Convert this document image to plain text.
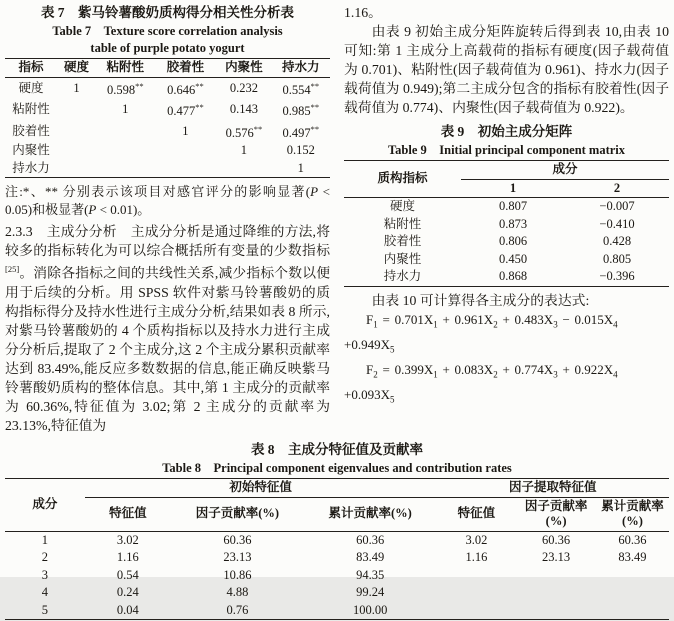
表 7　紫马铃薯酸奶质构得分相关性分析表
Table 7　Texture score correlation analysis
table of purple potato yogurt
指标	硬度	粘附性	胶着性	内聚性	持水力
硬度	1	0.598**	0.646**	0.232	0.554**
粘附性		1	0.477**	0.143	0.985**
胶着性			1	0.576**	0.497**
内聚性				1	0.152
持水力					1
注:*、** 分别表示该项目对感官评分的影响显著(P < 0.05)和极显著(P < 0.01)。
2.3.3　主成分分析　主成分分析是通过降维的方法,将较多的指标转化为可以综合概括所有变量的少数指标[25]。消除各指标之间的共线性关系,减少指标个数以便用于后续的分析。用 SPSS 软件对紫马铃薯酸奶的质构指标得分及持水性进行主成分分析,结果如表 8 所示,对紫马铃薯酸奶的 4 个质构指标以及持水力进行主成分分析后,提取了 2 个主成分,这 2 个主成分累积贡献率达到 83.49%,能反应多数数据的信息,能正确反映紫马铃薯酸奶质构的整体信息。其中,第 1 主成分的贡献率为 60.36%,特征值为 3.02;第 2 主成分的贡献率为 23.13%,特征值为
1.16。
由表 9 初始主成分矩阵旋转后得到表 10,由表 10 可知:第 1 主成分上高载荷的指标有硬度(因子载荷值为 0.701)、粘附性(因子载荷值为 0.961)、持水力(因子载荷值为 0.949);第二主成分包含的指标有胶着性(因子载荷值为 0.774)、内聚性(因子载荷值为 0.922)。
表 9　初始主成分矩阵
Table 9　Initial principal component matrix
质构指标	成分	
	1	2
硬度	0.807	−0.007
粘附性	0.873	−0.410
胶着性	0.806	0.428
内聚性	0.450	0.805
持水力	0.868	−0.396
由表 10 可计算得各主成分的表达式:
$F_1 = 0.701X_1 + 0.961X_2 + 0.483X_3 - 0.015X_4$
$+0.949X_5$
$F_2 = 0.399X_1 + 0.083X_2 + 0.774X_3 + 0.922X_4$
$+0.093X_5$
表 8　主成分特征值及贡献率
Table 8　Principal component eigenvalues and contribution rates
成分	初始特征值			因子提取特征值		
	特征值	因子贡献率(%)	累计贡献率(%)	特征值	因子贡献率(%)	累计贡献率(%)
1	3.02	60.36	60.36	3.02	60.36	60.36
2	1.16	23.13	83.49	1.16	23.13	83.49
3	0.54	10.86	94.35			
4	0.24	4.88	99.24			
5	0.04	0.76	100.00			
